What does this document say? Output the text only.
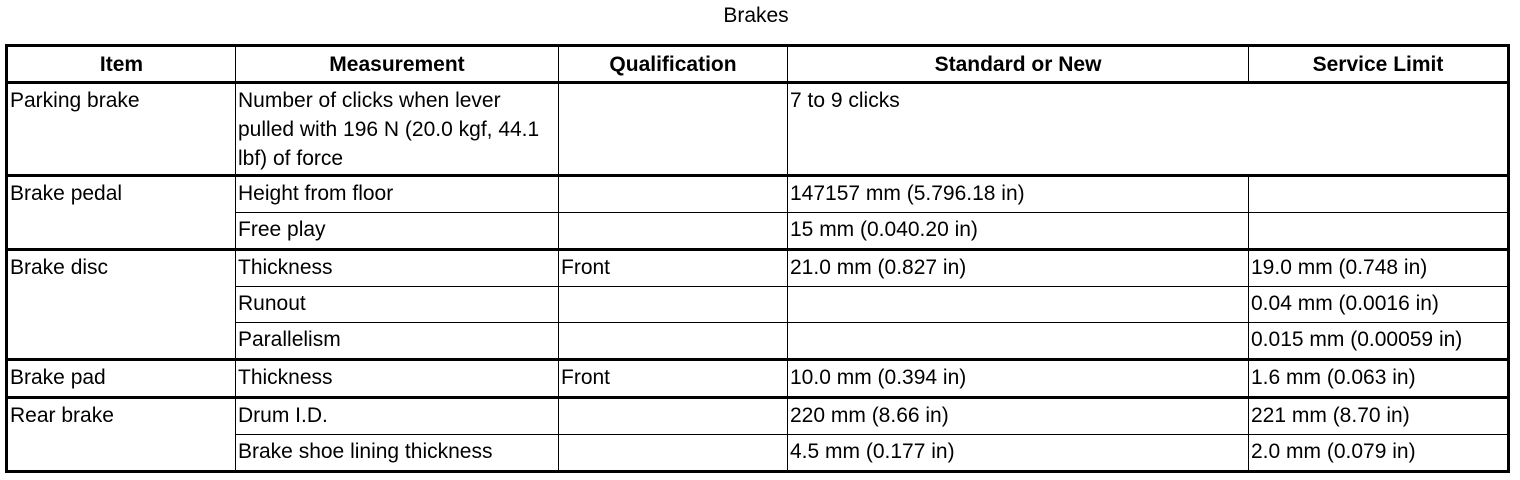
Brakes
Item	Measurement	Qualification	Standard or New	Service Limit
Parking brake	Number of clicks when lever pulled with 196 N (20.0 kgf, 44.1 lbf) of force		7 to 9 clicks	
Brake pedal	Height from floor		147157 mm (5.796.18 in)	
	Free play		15 mm (0.040.20 in)	
Brake disc	Thickness	Front	21.0 mm (0.827 in)	19.0 mm (0.748 in)
	Runout			0.04 mm (0.0016 in)
	Parallelism			0.015 mm (0.00059 in)
Brake pad	Thickness	Front	10.0 mm (0.394 in)	1.6 mm (0.063 in)
Rear brake	Drum I.D.		220 mm (8.66 in)	221 mm (8.70 in)
	Brake shoe lining thickness		4.5 mm (0.177 in)	2.0 mm (0.079 in)
